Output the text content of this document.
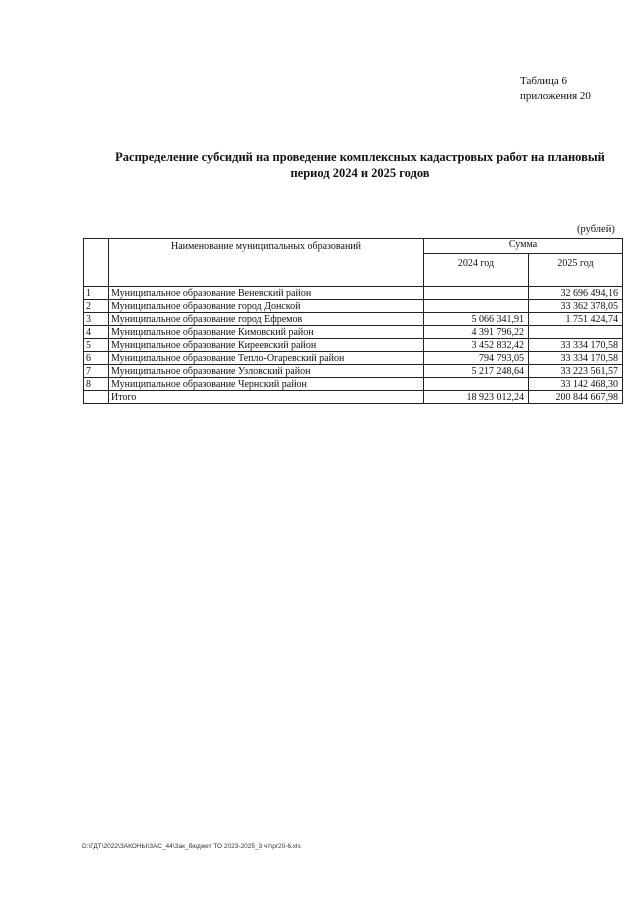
Таблица 6
приложения 20
Распределение субсидий на проведение комплексных кадастровых работ на плановый
период 2024 и 2025 годов
(рублей)
	Наименование муниципальных образований	Сумма	
		2024 год	2025 год
1	Муниципальное образование Веневский район		32 696 494,16
2	Муниципальное образование город Донской		33 362 378,05
3	Муниципальное образование город Ефремов	5 066 341,91	1 751 424,74
4	Муниципальное образование Кимовский район	4 391 796,22	
5	Муниципальное образование Киреевский район	3 452 832,42	33 334 170,58
6	Муниципальное образование Тепло-Огаревский район	794 793,05	33 334 170,58
7	Муниципальное образование Узловский район	5 217 248,64	33 223 561,57
8	Муниципальное образование Чернский район		33 142 468,30
	Итого	18 923 012,24	200 844 667,98
D:\ГДТ\2022\ЗАКОНЫ\ЗАС_44\Зак_бюджет ТО 2023-2025_3 чт\pr20-6.xls
